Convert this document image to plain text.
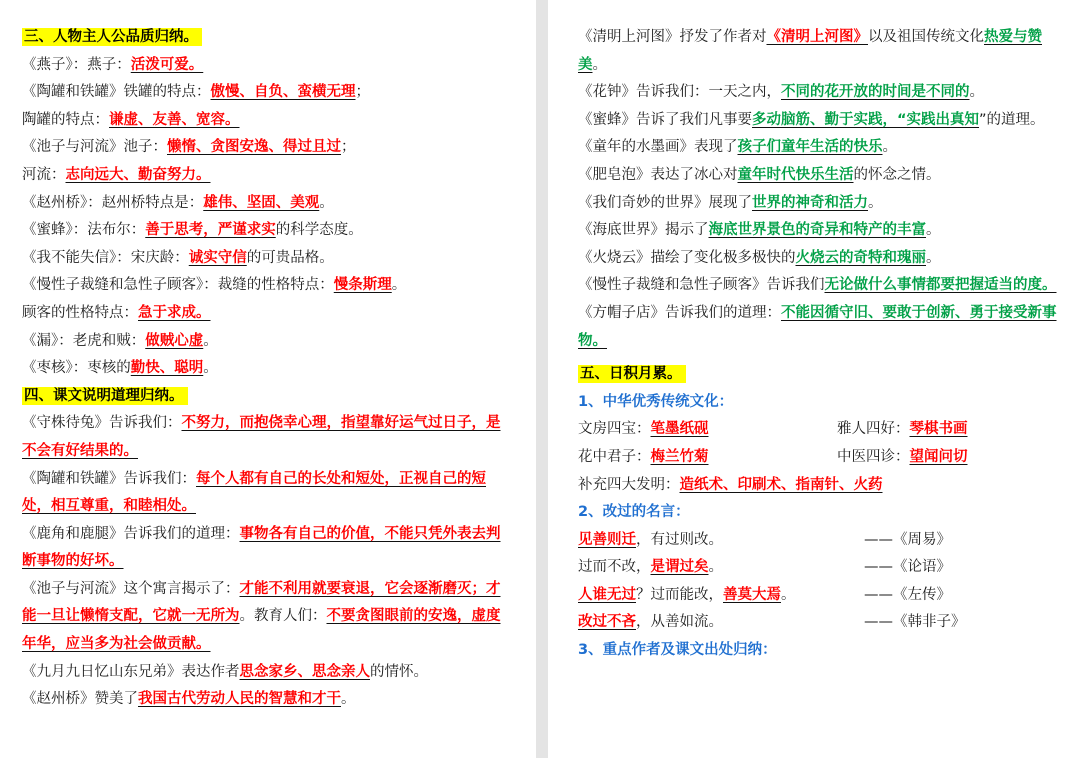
三、人物主人公品质归纳。
《燕子》：燕子：活泼可爱。
《陶罐和铁罐》铁罐的特点：傲慢、自负、蛮横无理；
陶罐的特点：谦虚、友善、宽容。
《池子与河流》池子：懒惰、贪图安逸、得过且过；
河流：志向远大、勤奋努力。
《赵州桥》：赵州桥特点是：雄伟、坚固、美观。
《蜜蜂》：法布尔：善于思考，严谨求实的科学态度。
《我不能失信》：宋庆龄：诚实守信的可贵品格。
《慢性子裁缝和急性子顾客》：裁缝的性格特点：慢条斯理。
顾客的性格特点：急于求成。
《漏》：老虎和贼：做贼心虚。
《枣核》：枣核的勤快、聪明。
四、课文说明道理归纳。
《守株待兔》告诉我们：不努力，而抱侥幸心理，指望靠好运气过日子，是不会有好结果的。
《陶罐和铁罐》告诉我们：每个人都有自己的长处和短处，正视自己的短处，相互尊重，和睦相处。
《鹿角和鹿腿》告诉我们的道理：事物各有自己的价值，不能只凭外表去判断事物的好坏。
《池子与河流》这个寓言揭示了：才能不利用就要衰退，它会逐渐磨灭；才能一旦让懒惰支配，它就一无所为。教育人们：不要贪图眼前的安逸，虚度年华，应当多为社会做贡献。
《九月九日忆山东兄弟》表达作者思念家乡、思念亲人的情怀。
《赵州桥》赞美了我国古代劳动人民的智慧和才干。
《清明上河图》抒发了作者对《清明上河图》以及祖国传统文化热爱与赞美。
《花钟》告诉我们：一天之内，不同的花开放的时间是不同的。
《蜜蜂》告诉了我们凡事要多动脑筋、勤于实践，“实践出真知”的道理。
《童年的水墨画》表现了孩子们童年生活的快乐。
《肥皂泡》表达了冰心对童年时代快乐生活的怀念之情。
《我们奇妙的世界》展现了世界的神奇和活力。
《海底世界》揭示了海底世界景色的奇异和特产的丰富。
《火烧云》描绘了变化极多极快的火烧云的奇特和瑰丽。
《慢性子裁缝和急性子顾客》告诉我们无论做什么事情都要把握适当的度。
《方帽子店》告诉我们的道理：不能因循守旧、要敢于创新、勇于接受新事物。
五、日积月累。
1、中华优秀传统文化：
文房四宝：笔墨纸砚	雅人四好：琴棋书画
花中君子：梅兰竹菊	中医四诊：望闻问切
补充四大发明：造纸术、印刷术、指南针、火药
2、改过的名言：
见善则迁，有过则改。	——《周易》
过而不改，是谓过矣。	——《论语》
人谁无过？过而能改，善莫大焉。	——《左传》
改过不吝，从善如流。	——《韩非子》
3、重点作者及课文出处归纳：
